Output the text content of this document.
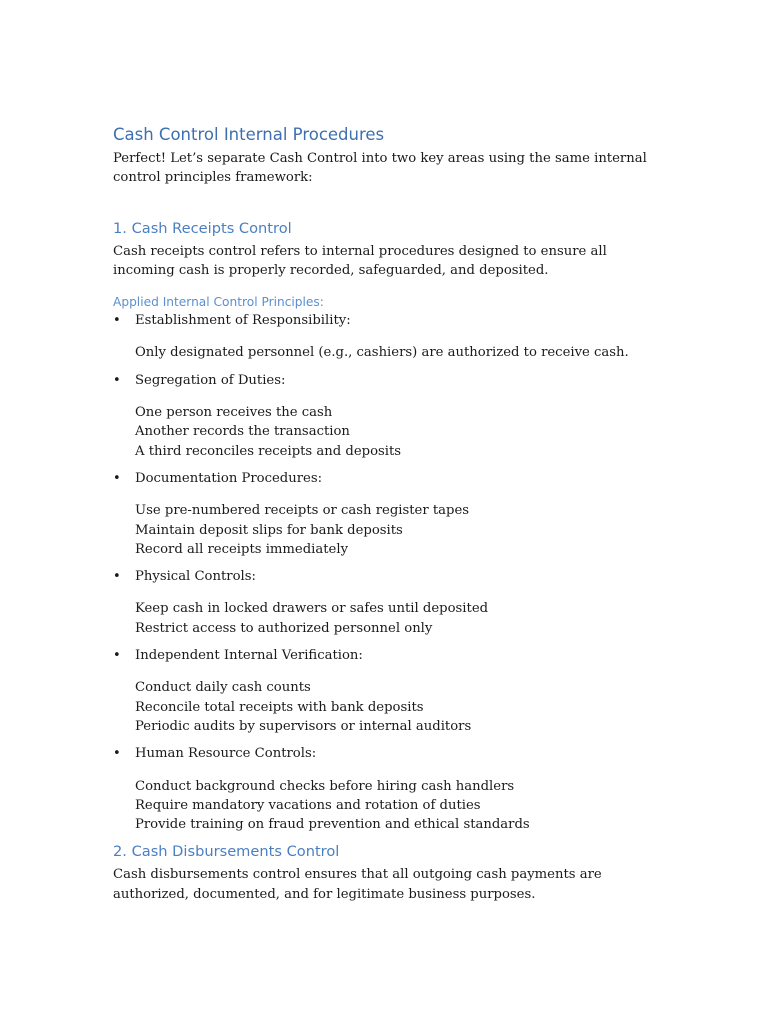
Cash Control Internal Procedures

Perfect! Let’s separate Cash Control into two key areas using the same internal control principles framework:

1. Cash Receipts Control

Cash receipts control refers to internal procedures designed to ensure all incoming cash is properly recorded, safeguarded, and deposited.

Applied Internal Control Principles:
• Establishment of Responsibility:
Only designated personnel (e.g., cashiers) are authorized to receive cash.
• Segregation of Duties:
One person receives the cash
Another records the transaction
A third reconciles receipts and deposits
• Documentation Procedures:
Use pre-numbered receipts or cash register tapes
Maintain deposit slips for bank deposits
Record all receipts immediately
• Physical Controls:
Keep cash in locked drawers or safes until deposited
Restrict access to authorized personnel only
• Independent Internal Verification:
Conduct daily cash counts
Reconcile total receipts with bank deposits
Periodic audits by supervisors or internal auditors
• Human Resource Controls:
Conduct background checks before hiring cash handlers
Require mandatory vacations and rotation of duties
Provide training on fraud prevention and ethical standards
2. Cash Disbursements Control

Cash disbursements control ensures that all outgoing cash payments are authorized, documented, and for legitimate business purposes.
